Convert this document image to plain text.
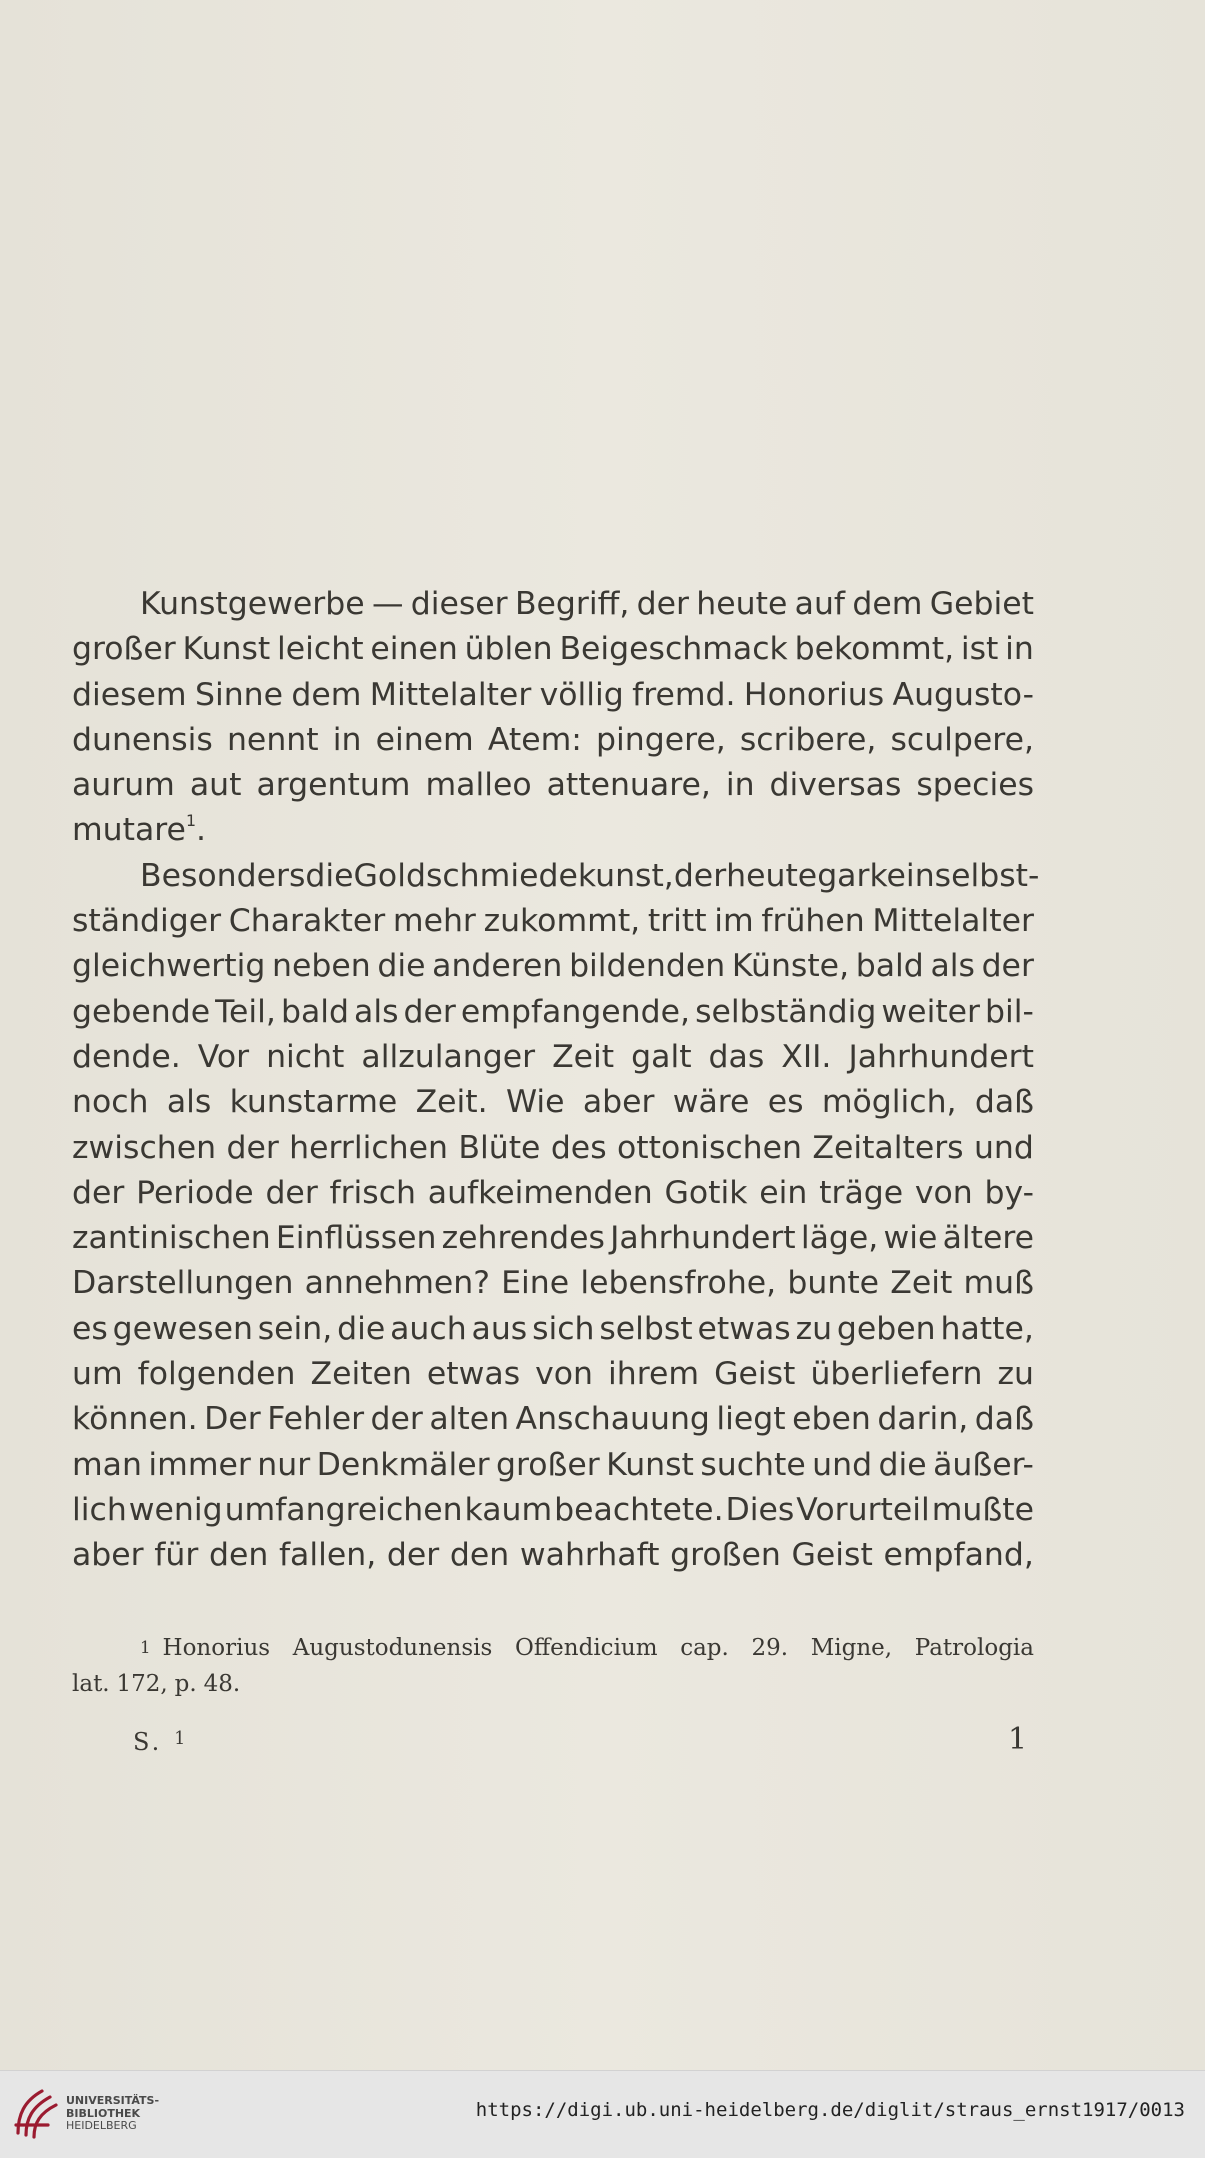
Kunstgewerbe — dieser Begriff, der heute auf dem Gebiet
großer Kunst leicht einen üblen Beigeschmack bekommt, ist in
diesem Sinne dem Mittelalter völlig fremd. Honorius Augusto-
dunensis nennt in einem Atem: pingere, scribere, sculpere,
aurum aut argentum malleo attenuare, in diversas species
mutare$^1$.
Besonders die Goldschmiedekunst, der heute gar kein selbst-
ständiger Charakter mehr zukommt, tritt im frühen Mittelalter
gleichwertig neben die anderen bildenden Künste, bald als der
gebende Teil, bald als der empfangende, selbständig weiter bil-
dende. Vor nicht allzulanger Zeit galt das XII. Jahrhundert
noch als kunstarme Zeit. Wie aber wäre es möglich, daß
zwischen der herrlichen Blüte des ottonischen Zeitalters und
der Periode der frisch aufkeimenden Gotik ein träge von by-
zantinischen Einflüssen zehrendes Jahrhundert läge, wie ältere
Darstellungen annehmen? Eine lebensfrohe, bunte Zeit muß
es gewesen sein, die auch aus sich selbst etwas zu geben hatte,
um folgenden Zeiten etwas von ihrem Geist überliefern zu
können. Der Fehler der alten Anschauung liegt eben darin, daß
man immer nur Denkmäler großer Kunst suchte und die äußer-
lich wenig umfangreichen kaum beachtete. Dies Vorurteil mußte
aber für den fallen, der den wahrhaft großen Geist empfand,
1 Honorius Augustodunensis Offendicium cap. 29. Migne, Patrologia
lat. 172, p. 48.
S. $^1$	1
UNIVERSITÄTS-
BIBLIOTHEK
HEIDELBERG
https://digi.ub.uni-heidelberg.de/diglit/straus_ernst1917/0013
